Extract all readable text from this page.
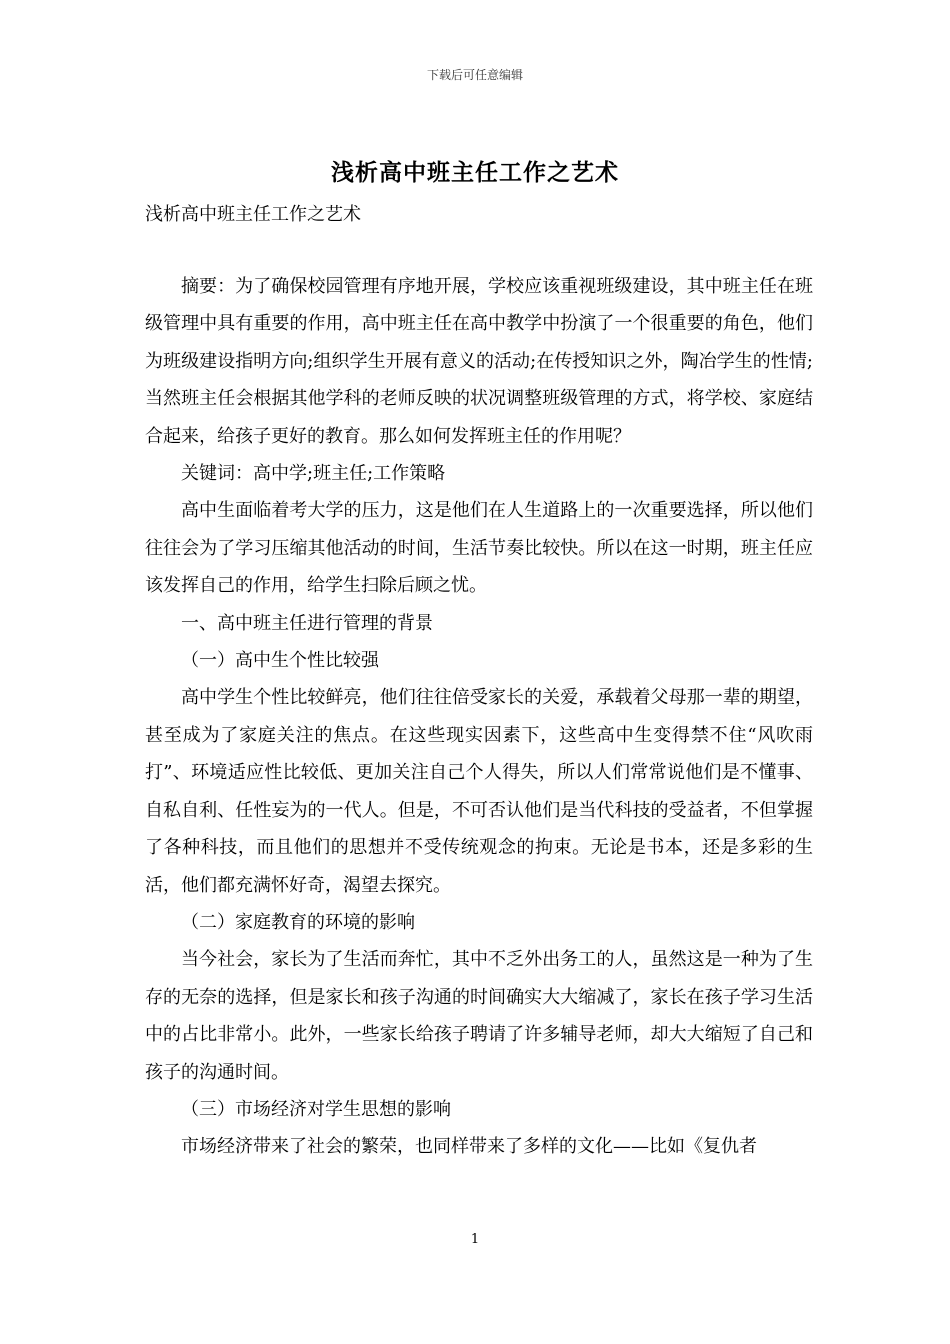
下载后可任意编辑
浅析高中班主任工作之艺术
浅析高中班主任工作之艺术

摘要：为了确保校园管理有序地开展，学校应该重视班级建设，其中班主任在班级管理中具有重要的作用，高中班主任在高中教学中扮演了一个很重要的角色，他们为班级建设指明方向;组织学生开展有意义的活动;在传授知识之外，陶冶学生的性情;当然班主任会根据其他学科的老师反映的状况调整班级管理的方式，将学校、家庭结合起来，给孩子更好的教育。那么如何发挥班主任的作用呢？

关键词：高中学;班主任;工作策略

高中生面临着考大学的压力，这是他们在人生道路上的一次重要选择，所以他们往往会为了学习压缩其他活动的时间，生活节奏比较快。所以在这一时期，班主任应该发挥自己的作用，给学生扫除后顾之忧。

一、高中班主任进行管理的背景

（一）高中生个性比较强

高中学生个性比较鲜亮，他们往往倍受家长的关爱，承载着父母那一辈的期望，甚至成为了家庭关注的焦点。在这些现实因素下，这些高中生变得禁不住“风吹雨打”、环境适应性比较低、更加关注自己个人得失，所以人们常常说他们是不懂事、自私自利、任性妄为的一代人。但是，不可否认他们是当代科技的受益者，不但掌握了各种科技，而且他们的思想并不受传统观念的拘束。无论是书本，还是多彩的生活，他们都充满怀好奇，渴望去探究。

（二）家庭教育的环境的影响

当今社会，家长为了生活而奔忙，其中不乏外出务工的人，虽然这是一种为了生存的无奈的选择，但是家长和孩子沟通的时间确实大大缩减了，家长在孩子学习生活中的占比非常小。此外，一些家长给孩子聘请了许多辅导老师，却大大缩短了自己和孩子的沟通时间。

（三）市场经济对学生思想的影响

市场经济带来了社会的繁荣，也同样带来了多样的文化——比如《复仇者

1
